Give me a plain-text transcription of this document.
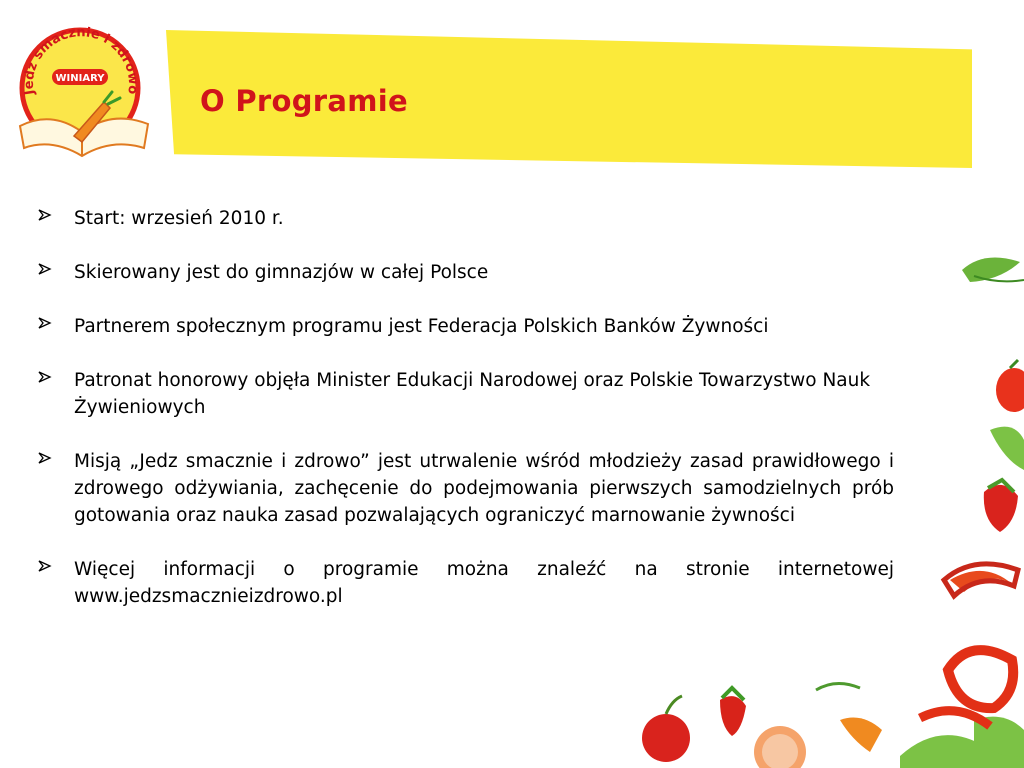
Jedz smacznie i zdrowo
WINIARY
O Programie
Start: wrzesień 2010 r.
Skierowany jest do gimnazjów w całej Polsce
Partnerem społecznym programu jest Federacja Polskich Banków Żywności
Patronat honorowy objęła Minister Edukacji Narodowej oraz Polskie Towarzystwo Nauk Żywieniowych
Misją „Jedz smacznie i zdrowo” jest utrwalenie wśród młodzieży zasad prawidłowego i zdrowego odżywiania, zachęcenie do podejmowania pierwszych samodzielnych prób gotowania oraz nauka zasad pozwalających ograniczyć marnowanie żywności
Więcej informacji o programie można znaleźć na stronie internetowej www.jedzsmacznieizdrowo.pl
